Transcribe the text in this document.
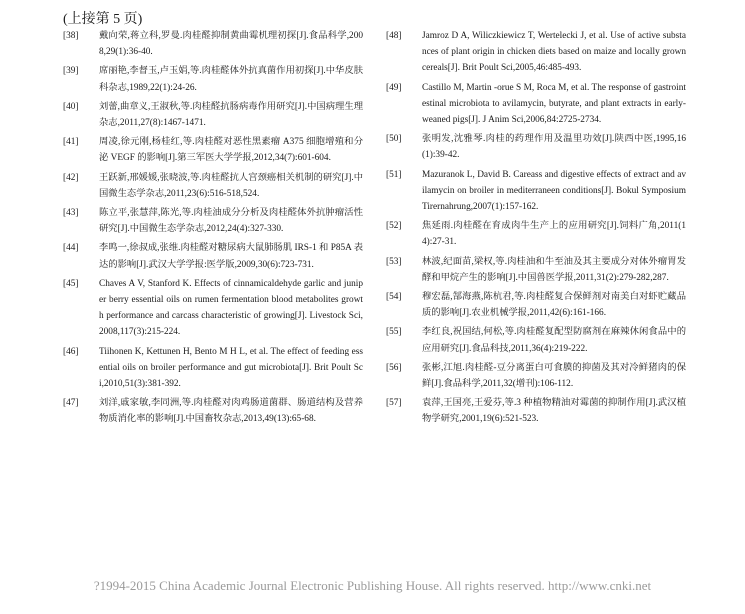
(上接第 5 页)
[38]	戴向荣,蒋立科,罗曼.肉桂醛抑制黄曲霉机理初探[J].食品科学,2008,29(1):36-40.
[39]	席丽艳,李督玉,卢玉娟,等.肉桂醛体外抗真菌作用初探[J].中华皮肤科杂志,1989,22(1):24-26.
[40]	刘蕾,曲章义,王淑秋,等.肉桂醛抗肠病毒作用研究[J].中国病理生理杂志,2011,27(8):1467-1471.
[41]	周凌,徐元刚,杨桂红,等.肉桂醛对恶性黑素瘤 A375 细胞增殖和分泌 VEGF 的影响[J].第三军医大学学报,2012,34(7):601-604.
[42]	王跃新,邢媛媛,张晓波,等.肉桂醛抗人宫颈癌相关机制的研究[J].中国微生态学杂志,2011,23(6):516-518,524.
[43]	陈立平,张慧萍,陈光,等.肉桂油成分分析及肉桂醛体外抗肿瘤活性研究[J].中国微生态学杂志,2012,24(4):327-330.
[44]	李鸣一,徐叔成,张维.肉桂醛对糖尿病大鼠肺肠肌 IRS-1 和 P85A 表达的影响[J].武汉大学学报:医学版,2009,30(6):723-731.
[45]	Chaves A V, Stanford K. Effects of cinnamicaldehyde garlic and juniper berry essential oils on rumen fermentation blood metabolites growth performance and carcass characteristic of growing[J]. Livestock Sci,2008,117(3):215-224.
[46]	Tiihonen K, Kettunen H, Bento M H L, et al. The effect of feeding essential oils on broiler performance and gut microbiota[J]. Brit Poult Sci,2010,51(3):381-392.
[47]	刘洋,戚家敏,李同洲,等.肉桂醛对肉鸡肠道菌群、肠道结构及营养物质消化率的影响[J].中国畜牧杂志,2013,49(13):65-68.
[48]	Jamroz D A, Wiliczkiewicz T, Wertelecki J, et al. Use of active substances of plant origin in chicken diets based on maize and locally grown cereals[J]. Brit Poult Sci,2005,46:485-493.
[49]	Castillo M, Martin -orue S M, Roca M, et al. The response of gastrointestinal microbiota to avilamycin, butyrate, and plant extracts in early-weaned pigs[J]. J Anim Sci,2006,84:2725-2734.
[50]	张明发,沈雅琴.肉桂的药理作用及温里功效[J].陕西中医,1995,16(1):39-42.
[51]	Mazuranok L, David B. Careass and digestive effects of extract and avilamycin on broiler in mediterraneen conditions[J]. Bokul Symposium Tirernahrung,2007(1):157-162.
[52]	焦延雨.肉桂醛在育成肉牛生产上的应用研究[J].饲料广角,2011(14):27-31.
[53]	林波,纪面苗,梁权,等.肉桂油和牛至油及其主要成分对体外瘤胃发酵和甲烷产生的影响[J].中国兽医学报,2011,31(2):279-282,287.
[54]	穆宏磊,郜海燕,陈杭君,等.肉桂醛复合保鲜剂对南美白对虾贮藏品质的影响[J].农业机械学报,2011,42(6):161-166.
[55]	李红良,祝国结,何松,等.肉桂醛复配型防腐剂在麻辣休闲食品中的应用研究[J].食品科技,2011,36(4):219-222.
[56]	张彬,江旭.肉桂醛-豆分离蛋白可食膜的抑菌及其对冷鲜猪肉的保鲜[J].食品科学,2011,32(增刊):106-112.
[57]	袁萍,王国亮,王爱芬,等.3 种植物精油对霉菌的抑制作用[J].武汉植物学研究,2001,19(6):521-523.
?1994-2015 China Academic Journal Electronic Publishing House. All rights reserved. http://www.cnki.net
